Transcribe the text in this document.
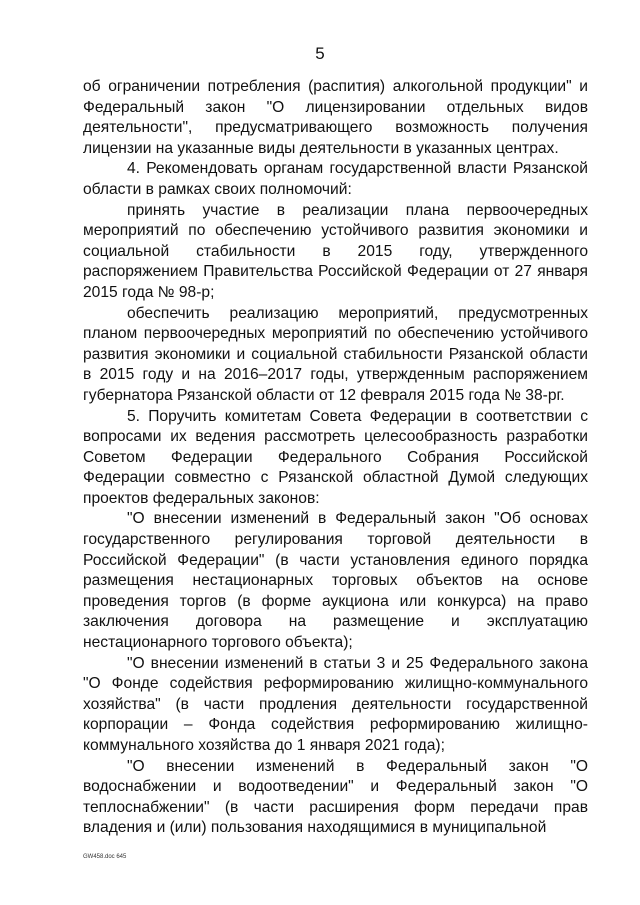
5

об ограничении потребления (распития) алкогольной продукции" и Федеральный закон "О лицензировании отдельных видов деятельности", предусматривающего возможность получения лицензии на указанные виды деятельности в указанных центрах.

4. Рекомендовать органам государственной власти Рязанской области в рамках своих полномочий:

принять участие в реализации плана первоочередных мероприятий по обеспечению устойчивого развития экономики и социальной стабильности в 2015 году, утвержденного распоряжением Правительства Российской Федерации от 27 января 2015 года № 98-р;

обеспечить реализацию мероприятий, предусмотренных планом первоочередных мероприятий по обеспечению устойчивого развития экономики и социальной стабильности Рязанской области в 2015 году и на 2016–2017 годы, утвержденным распоряжением губернатора Рязанской области от 12 февраля 2015 года № 38-рг.

5. Поручить комитетам Совета Федерации в соответствии с вопросами их ведения рассмотреть целесообразность разработки Советом Федерации Федерального Собрания Российской Федерации совместно с Рязанской областной Думой следующих проектов федеральных законов:

"О внесении изменений в Федеральный закон "Об основах государственного регулирования торговой деятельности в Российской Федерации" (в части установления единого порядка размещения нестационарных торговых объектов на основе проведения торгов (в форме аукциона или конкурса) на право заключения договора на размещение и эксплуатацию нестационарного торгового объекта);

"О внесении изменений в статьи 3 и 25 Федерального закона "О Фонде содействия реформированию жилищно-коммунального хозяйства" (в части продления деятельности государственной корпорации – Фонда содействия реформированию жилищно-коммунального хозяйства до 1 января 2021 года);

"О внесении изменений в Федеральный закон "О водоснабжении и водоотведении" и Федеральный закон "О теплоснабжении" (в части расширения форм передачи прав владения и (или) пользования находящимися в муниципальной

GW458.doc 645
